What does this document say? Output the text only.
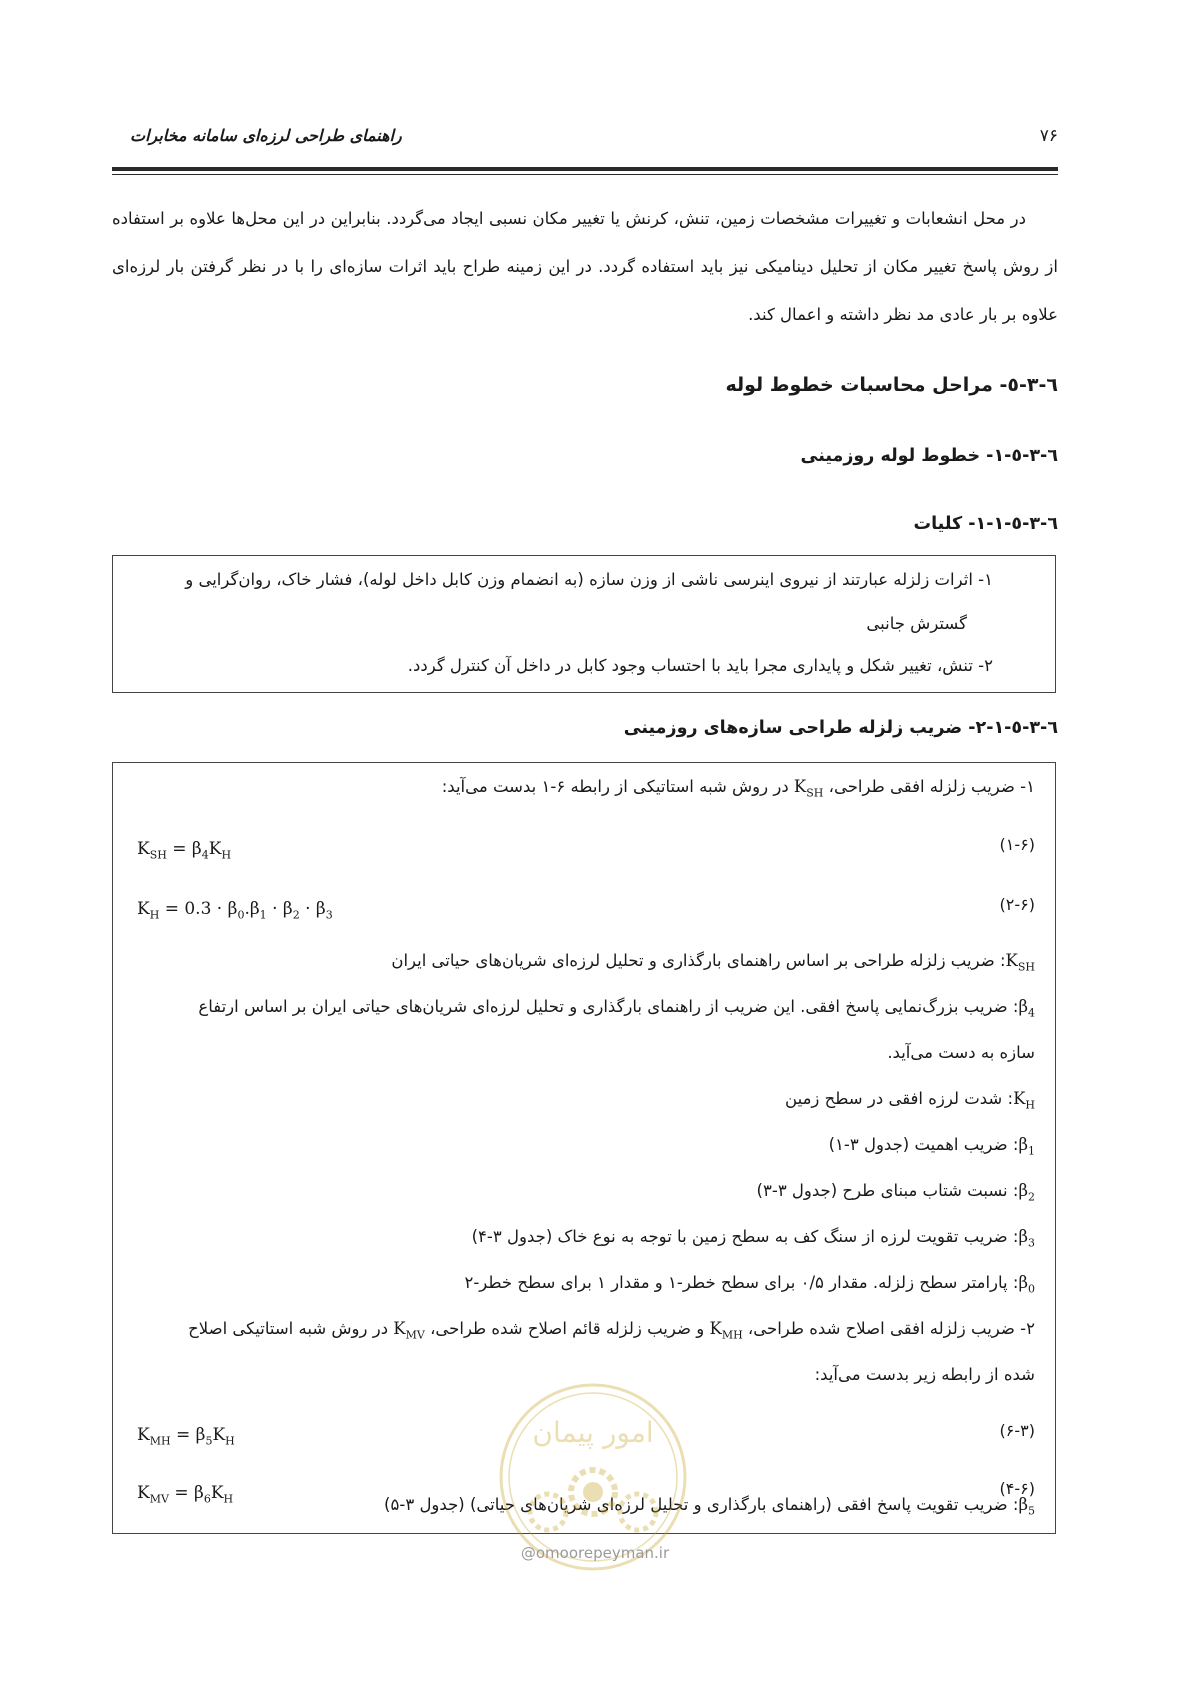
۷۶
راهنمای طراحی لرزه‌ای سامانه مخابرات

در محل انشعابات و تغییرات مشخصات زمین، تنش، کرنش یا تغییر مکان نسبی ایجاد می‌گردد. بنابراین در این محل‌ها علاوه بر استفاده از روش پاسخ تغییر مکان از تحلیل دینامیکی نیز باید استفاده گردد. در این زمینه طراح باید اثرات سازه‌ای را با در نظر گرفتن بار لرزه‌ای علاوه بر بار عادی مد نظر داشته و اعمال کند.

٦-٣-٥- مراحل محاسبات خطوط لوله
٦-٣-٥-١- خطوط لوله روزمینی
٦-٣-٥-١-١- کلیات
١- اثرات زلزله عبارتند از نیروی اینرسی ناشی از وزن سازه (به انضمام وزن کابل داخل لوله)، فشار خاک، روان‌گرایی و
گسترش جانبی
٢- تنش، تغییر شکل و پایداری مجرا باید با احتساب وجود کابل در داخل آن کنترل گردد.
٦-٣-٥-١-٢- ضریب زلزله طراحی سازه‌های روزمینی
١- ضریب زلزله افقی طراحی، $K_{SH}$ در روش شبه استاتیکی از رابطه ۶-١ بدست می‌آید:
$K_{SH} = \beta_4K_H$
(۶-١)
$K_H = 0.3 \cdot \beta_0.\beta_1 \cdot \beta_2 \cdot \beta_3$
(۶-٢)
$K_{SH}$: ضریب زلزله طراحی بر اساس راهنمای بارگذاری و تحلیل لرزه‌ای شریان‌های حیاتی ایران
$\beta_4$: ضریب بزرگ‌نمایی پاسخ افقی. این ضریب از راهنمای بارگذاری و تحلیل لرزه‌ای شریان‌های حیاتی ایران بر اساس ارتفاع
سازه به دست می‌آید.
$K_H$: شدت لرزه افقی در سطح زمین
$\beta_1$: ضریب اهمیت (جدول ٣-١)
$\beta_2$: نسبت شتاب مبنای طرح (جدول ٣-٣)
$\beta_3$: ضریب تقویت لرزه از سنگ کف به سطح زمین با توجه به نوع خاک (جدول ٣-۴)
$\beta_0$: پارامتر سطح زلزله. مقدار ٠/۵ برای سطح خطر-١ و مقدار ١ برای سطح خطر-٢
٢- ضریب زلزله افقی اصلاح شده طراحی، $K_{MH}$ و ضریب زلزله قائم اصلاح شده طراحی، $K_{MV}$ در روش شبه استاتیکی اصلاح
شده از رابطه زیر بدست می‌آید:
$K_{MH} = \beta_5K_H$
(٣-۶)
$K_{MV} = \beta_6K_H$
(۴-۶)
$\beta_5$: ضریب تقویت پاسخ افقی (راهنمای بارگذاری و تحلیل لرزه‌ای شریان‌های حیاتی) (جدول ٣-۵)
امور پیمان
@omoorepeyman.ir
